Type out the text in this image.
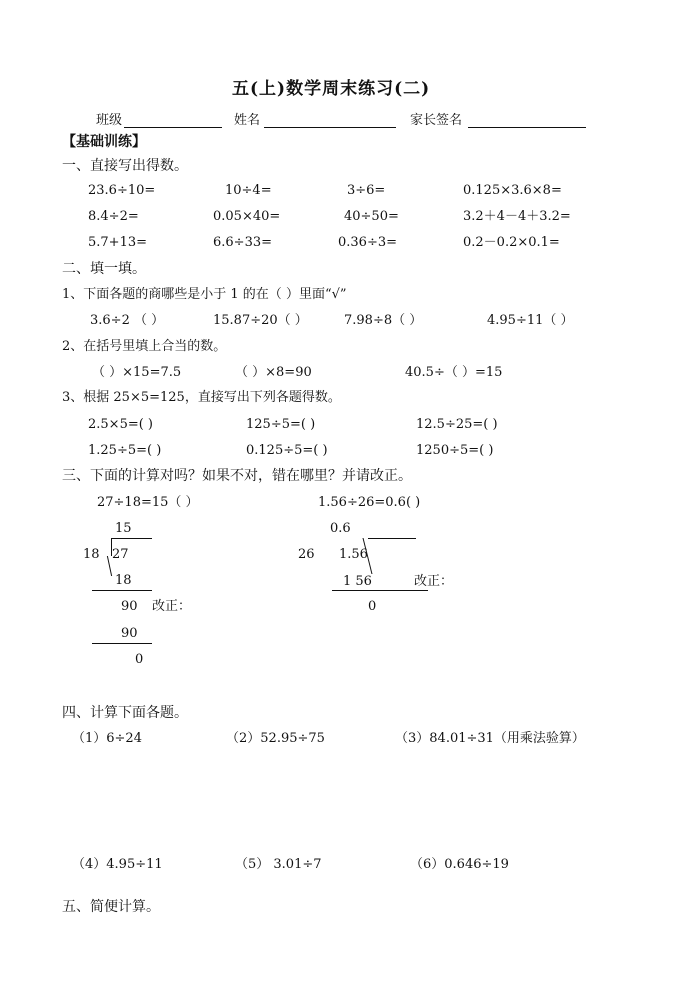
五(上)数学周末练习(二)
班级	姓名	家长签名
【基础训练】
一、直接写出得数。
23.6÷10=	10÷4=	3÷6=	0.125×3.6×8=
8.4÷2=	0.05×40=	40÷50=	3.2＋4－4＋3.2=
5.7+13=	6.6÷33=	0.36÷3=	0.2－0.2×0.1=
二、填一填。
1、下面各题的商哪些是小于 1 的在（ ）里面“√”
3.6÷2 （ ）	15.87÷20（ ）	7.98÷8（ ）	4.95÷11（ ）
2、在括号里填上合当的数。
（ ）×15=7.5	（ ）×8=90	40.5÷（ ）=15
3、根据 25×5=125，直接写出下列各题得数。
2.5×5=( )	125÷5=( )	12.5÷25=( )
1.25÷5=( )	0.125÷5=( )	1250÷5=( )
三、下面的计算对吗？如果不对，错在哪里？并请改正。
27÷18=15（ ）
15
18 27
18
90 改正：
90
0
1.56÷26=0.6( )
0.6
26 1.56
1 56	改正：
0
四、计算下面各题。
（1）6÷24	（2）52.95÷75	（3）84.01÷31（用乘法验算）
（4）4.95÷11	（5） 3.01÷7	（6）0.646÷19
五、简便计算。
